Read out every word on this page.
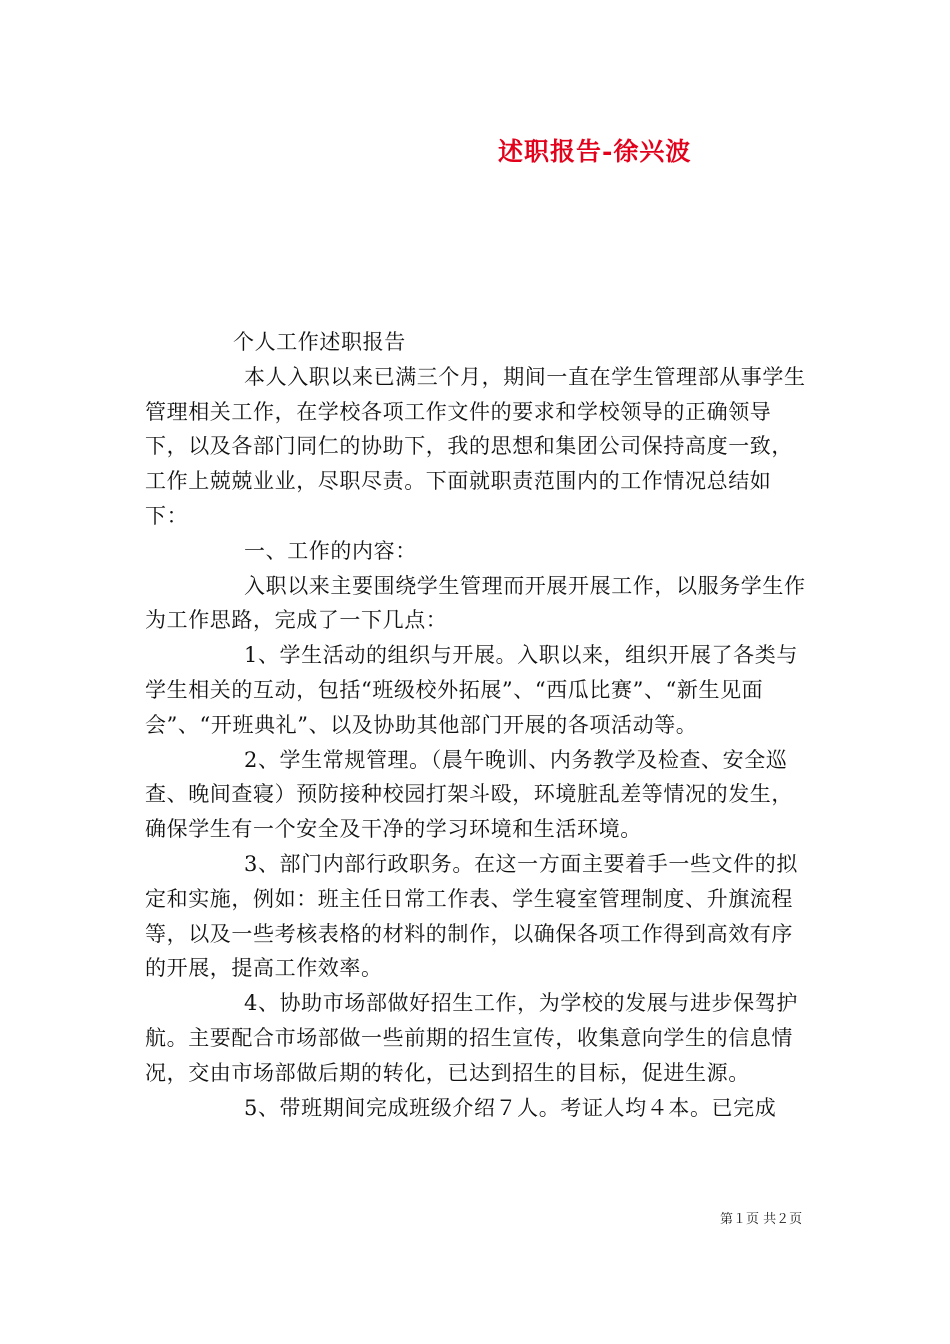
述职报告-徐兴波

个人工作述职报告

本人入职以来已满三个月，期间一直在学生管理部从事学生管理相关工作，在学校各项工作文件的要求和学校领导的正确领导下，以及各部门同仁的协助下，我的思想和集团公司保持高度一致，工作上兢兢业业，尽职尽责。下面就职责范围内的工作情况总结如下：

一、工作的内容：

入职以来主要围绕学生管理而开展开展工作，以服务学生作为工作思路，完成了一下几点：

1、学生活动的组织与开展。入职以来，组织开展了各类与学生相关的互动，包括“班级校外拓展”、“西瓜比赛”、“新生见面会”、“开班典礼”、以及协助其他部门开展的各项活动等。

2、学生常规管理。（晨午晚训、内务教学及检查、安全巡查、晚间查寝）预防接种校园打架斗殴，环境脏乱差等情况的发生，确保学生有一个安全及干净的学习环境和生活环境。

3、部门内部行政职务。在这一方面主要着手一些文件的拟定和实施，例如：班主任日常工作表、学生寝室管理制度、升旗流程等，以及一些考核表格的材料的制作，以确保各项工作得到高效有序的开展，提高工作效率。

4、协助市场部做好招生工作，为学校的发展与进步保驾护航。主要配合市场部做一些前期的招生宣传，收集意向学生的信息情况，交由市场部做后期的转化，已达到招生的目标，促进生源。

5、带班期间完成班级介绍７人。考证人均４本。已完成

第１页 共２页
